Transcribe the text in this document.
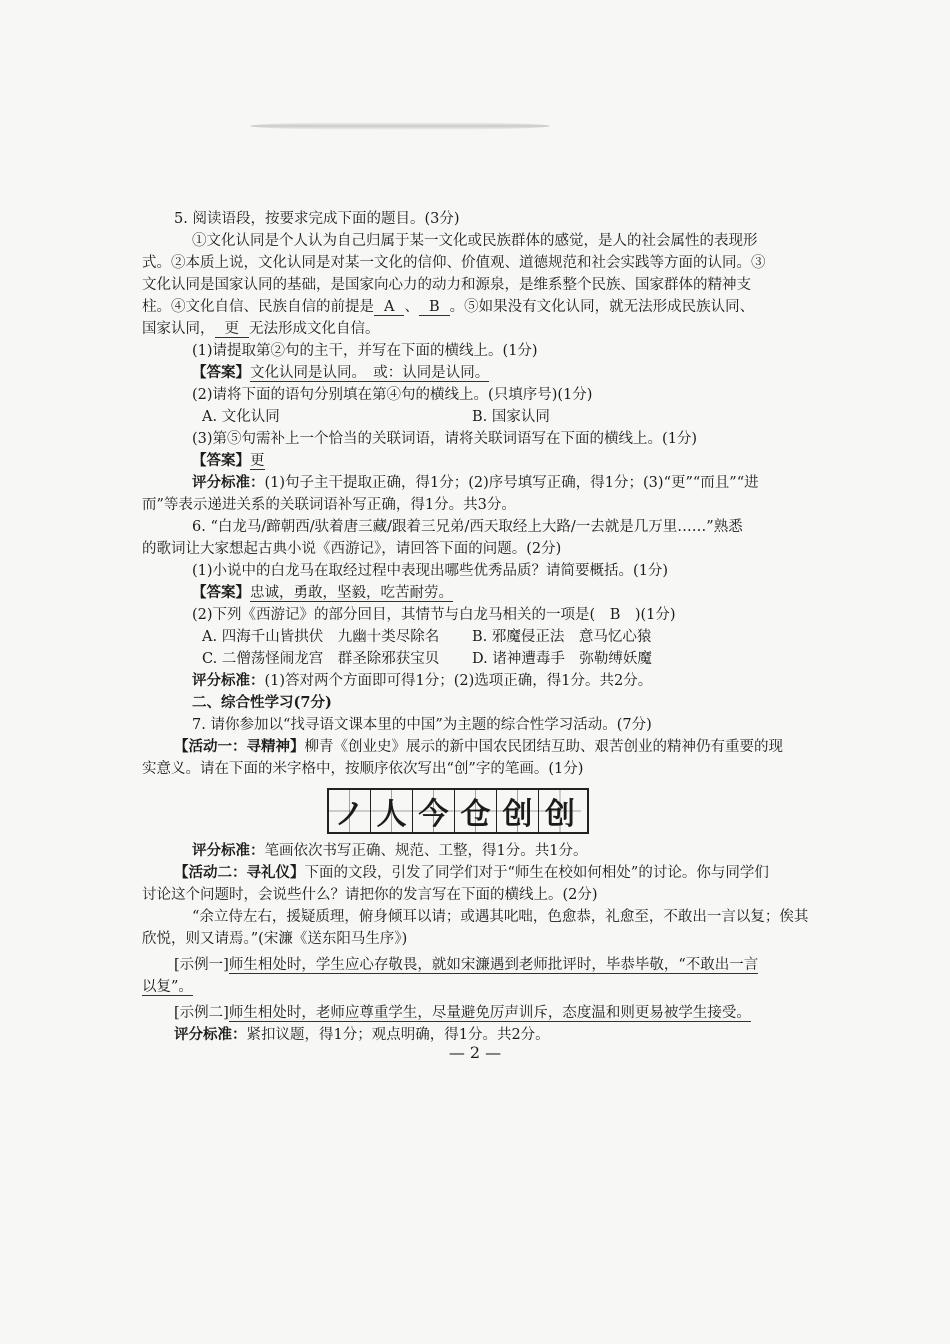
5. 阅读语段，按要求完成下面的题目。(3分)
①文化认同是个人认为自己归属于某一文化或民族群体的感觉，是人的社会属性的表现形
式。②本质上说，文化认同是对某一文化的信仰、价值观、道德规范和社会实践等方面的认同。③
文化认同是国家认同的基础，是国家向心力的动力和源泉，是维系整个民族、国家群体的精神支
柱。④文化自信、民族自信的前提是 A 、 B 。⑤如果没有文化认同，就无法形成民族认同、
国家认同， 更 无法形成文化自信。
(1)请提取第②句的主干，并写在下面的横线上。(1分)
【答案】文化认同是认同。　或：认同是认同。
(2)请将下面的语句分别填在第④句的横线上。(只填序号)(1分)
A. 文化认同	B. 国家认同
(3)第⑤句需补上一个恰当的关联词语，请将关联词语写在下面的横线上。(1分)
【答案】更
评分标准：(1)句子主干提取正确，得1分；(2)序号填写正确，得1分；(3)“更”“而且”“进
而”等表示递进关系的关联词语补写正确，得1分。共3分。
6. “白龙马/蹄朝西/驮着唐三藏/跟着三兄弟/西天取经上大路/一去就是几万里……”熟悉
的歌词让大家想起古典小说《西游记》，请回答下面的问题。(2分)
(1)小说中的白龙马在取经过程中表现出哪些优秀品质？请简要概括。(1分)
【答案】忠诚，勇敢，坚毅，吃苦耐劳。
(2)下列《西游记》的部分回目，其情节与白龙马相关的一项是(　B　)(1分)
A. 四海千山皆拱伏　九幽十类尽除名 B. 邪魔侵正法　意马忆心猿
C. 二僧荡怪闹龙宫　群圣除邪获宝贝 D. 诸神遭毒手　弥勒缚妖魔
评分标准：(1)答对两个方面即可得1分；(2)选项正确，得1分。共2分。
二、综合性学习(7分)
7. 请你参加以“找寻语文课本里的中国”为主题的综合性学习活动。(7分)
【活动一：寻精神】柳青《创业史》展示的新中国农民团结互助、艰苦创业的精神仍有重要的现
实意义。请在下面的米字格中，按顺序依次写出“创”字的笔画。(1分)
ノ 人 今 仓 创 创
评分标准：笔画依次书写正确、规范、工整，得1分。共1分。
【活动二：寻礼仪】下面的文段，引发了同学们对于“师生在校如何相处”的讨论。你与同学们
讨论这个问题时，会说些什么？请把你的发言写在下面的横线上。(2分)
“余立侍左右，援疑质理，俯身倾耳以请；或遇其叱咄，色愈恭，礼愈至，不敢出一言以复；俟其
欣悦，则又请焉。”(宋濂《送东阳马生序》)
[示例一]师生相处时，学生应心存敬畏，就如宋濂遇到老师批评时，毕恭毕敬，“不敢出一言
以复”。
[示例二]师生相处时，老师应尊重学生，尽量避免厉声训斥，态度温和则更易被学生接受。
评分标准：紧扣议题，得1分；观点明确，得1分。共2分。
— 2 —
